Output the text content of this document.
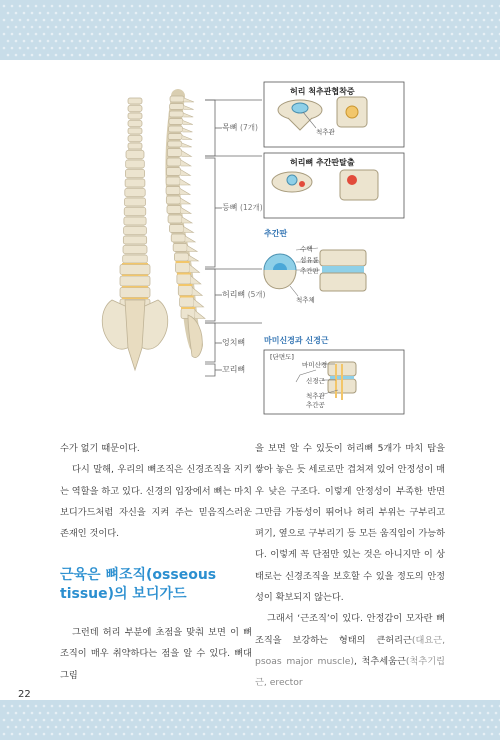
목뼈 (7개)
등뼈 (12개)
허리뼈 (5개)
엉치뼈
꼬리뼈
허리 척추관협착증
척추관
허리뼈 추간판탈출
추간판
수핵
섬유륜
추간판
척추체
마미신경과 신경근
[단면도]
마미신경
신경근
척추관
추간공

수가 없기 때문이다.

다시 말해, 우리의 뼈조직은 신경조직을 지키는 역할을 하고 있다. 신경의 입장에서 뼈는 마치 보디가드처럼 자신을 지켜 주는 믿음직스러운 존재인 것이다.

근육은 뼈조직(osseous tissue)의 보디가드

그런데 허리 부분에 초점을 맞춰 보면 이 뼈조직이 매우 취약하다는 점을 알 수 있다. 뼈대 그림

을 보면 알 수 있듯이 허리뼈 5개가 마치 탑을 쌓아 놓은 듯 세로로만 겹쳐져 있어 안정성이 매우 낮은 구조다. 이렇게 안정성이 부족한 반면 그만큼 가동성이 뛰어나 허리 부위는 구부리고 펴기, 옆으로 구부리기 등 모든 움직임이 가능하다. 이렇게 꼭 단점만 있는 것은 아니지만 이 상태로는 신경조직을 보호할 수 있을 정도의 안정성이 확보되지 않는다.

그래서 ‘근조직’이 있다. 안정감이 모자란 뼈조직을 보강하는 형태의 큰허리근(대요근, psoas major muscle), 척추세움근(척추기립근, erector

22
